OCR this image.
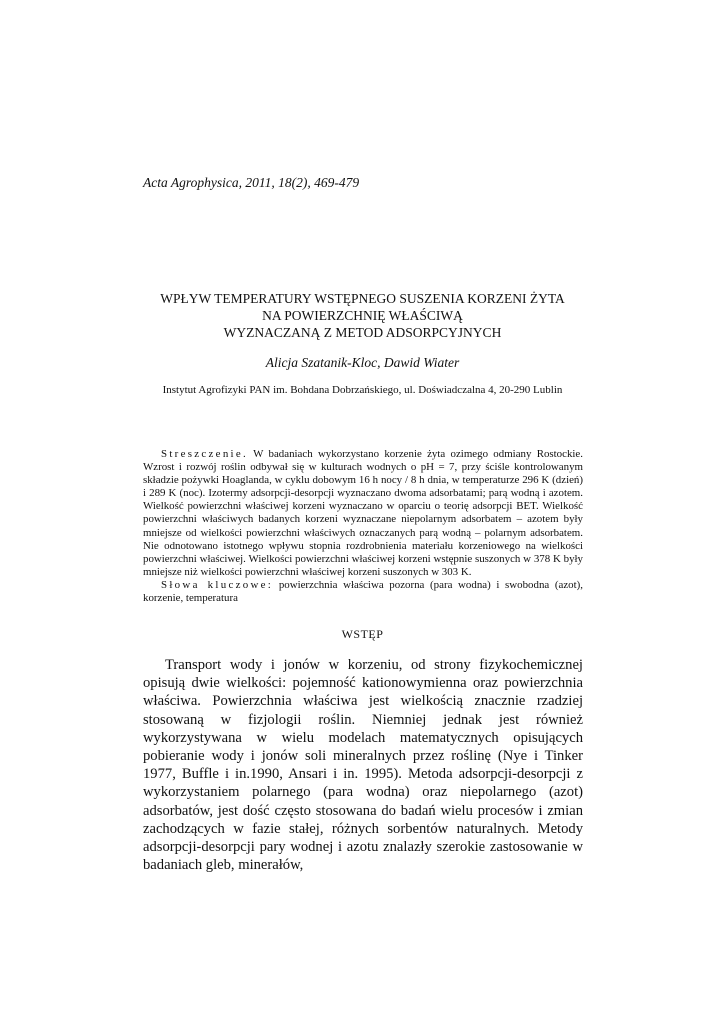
Acta Agrophysica, 2011, 18(2), 469-479
WPŁYW TEMPERATURY WSTĘPNEGO SUSZENIA KORZENI ŻYTA
NA POWIERZCHNIĘ WŁAŚCIWĄ
WYZNACZANĄ Z METOD ADSORPCYJNYCH
Alicja Szatanik-Kloc, Dawid Wiater
Instytut Agrofizyki PAN im. Bohdana Dobrzańskiego, ul. Doświadczalna 4, 20-290 Lublin

Streszczenie. W badaniach wykorzystano korzenie żyta ozimego odmiany Rostockie. Wzrost i rozwój roślin odbywał się w kulturach wodnych o pH = 7, przy ściśle kontrolowanym składzie pożywki Hoaglanda, w cyklu dobowym 16 h nocy / 8 h dnia, w temperaturze 296 K (dzień) i 289 K (noc). Izotermy adsorpcji-desorpcji wyznaczano dwoma adsorbatami; parą wodną i azotem. Wielkość powierzchni właściwej korzeni wyznaczano w oparciu o teorię adsorpcji BET. Wielkość powierzchni właściwych badanych korzeni wyznaczane niepolarnym adsorbatem – azotem były mniejsze od wielkości powierzchni właściwych oznaczanych parą wodną – polarnym adsorbatem. Nie odnotowano istotnego wpływu stopnia rozdrobnienia materiału korzeniowego na wielkości powierzchni właściwej. Wielkości powierzchni właściwej korzeni wstępnie suszonych w 378 K były mniejsze niż wielkości powierzchni właściwej korzeni suszonych w 303 K.

Słowa kluczowe: powierzchnia właściwa pozorna (para wodna) i swobodna (azot), korzenie, temperatura

WSTĘP

Transport wody i jonów w korzeniu, od strony fizykochemicznej opisują dwie wielkości: pojemność kationowymienna oraz powierzchnia właściwa. Powierzchnia właściwa jest wielkością znacznie rzadziej stosowaną w fizjologii roślin. Niemniej jednak jest również wykorzystywana w wielu modelach matematycznych opisujących pobieranie wody i jonów soli mineralnych przez roślinę (Nye i Tinker 1977, Buffle i in.1990, Ansari i in. 1995). Metoda adsorpcji-desorpcji z wykorzystaniem polarnego (para wodna) oraz niepolarnego (azot) adsorbatów, jest dość często stosowana do badań wielu procesów i zmian zachodzących w fazie stałej, różnych sorbentów naturalnych. Metody adsorpcji-desorpcji pary wodnej i azotu znalazły szerokie zastosowanie w badaniach gleb, minerałów,
